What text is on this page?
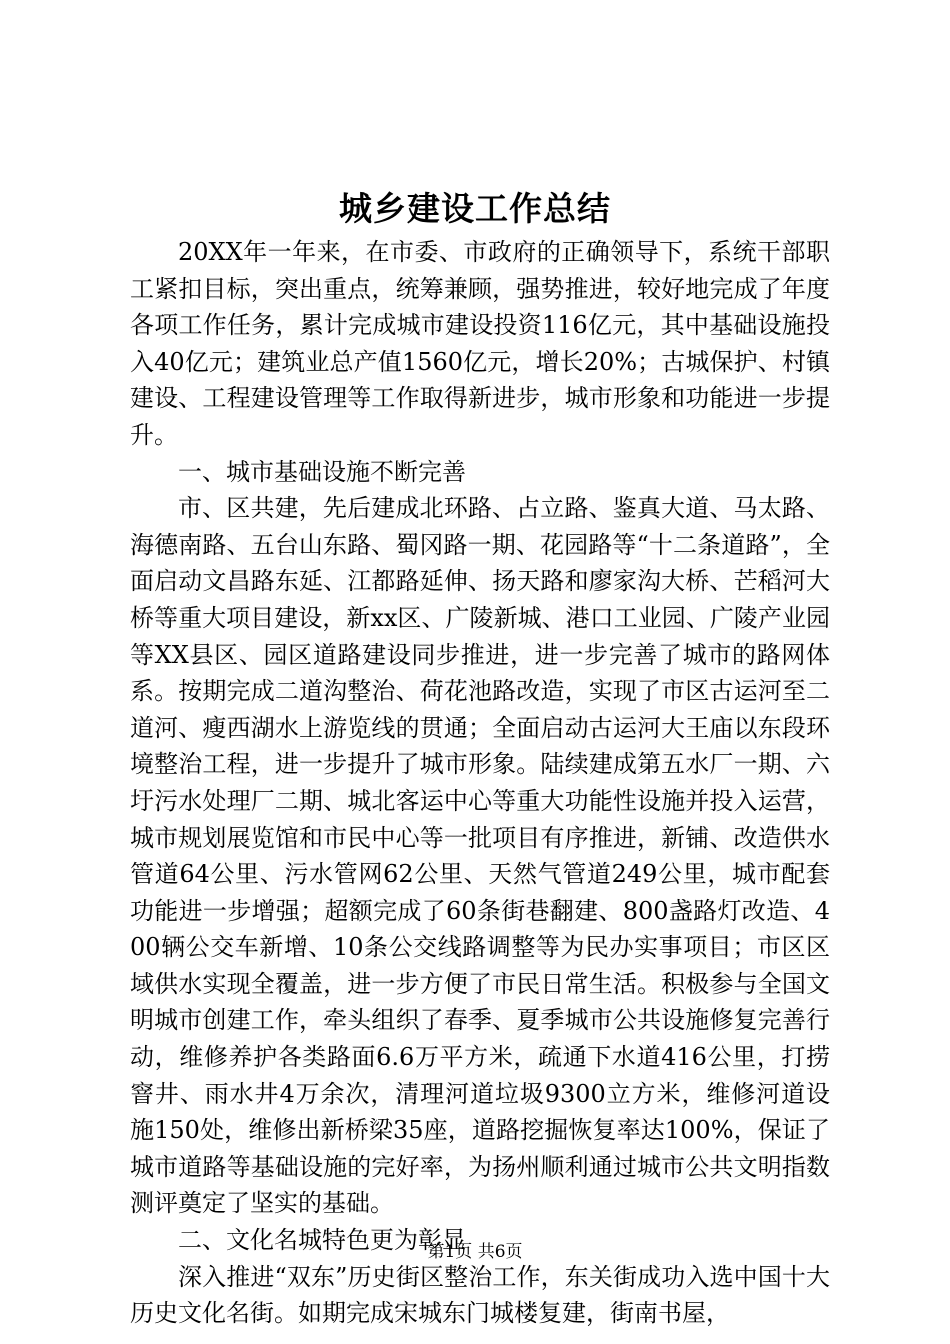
城乡建设工作总结

20XX年一年来，在市委、市政府的正确领导下，系统干部职工紧扣目标，突出重点，统筹兼顾，强势推进，较好地完成了年度各项工作任务，累计完成城市建设投资116亿元，其中基础设施投入40亿元；建筑业总产值1560亿元，增长20%；古城保护、村镇建设、工程建设管理等工作取得新进步，城市形象和功能进一步提升。

一、城市基础设施不断完善

市、区共建，先后建成北环路、占立路、鉴真大道、马太路、海德南路、五台山东路、蜀冈路一期、花园路等“十二条道路”，全面启动文昌路东延、江都路延伸、扬天路和廖家沟大桥、芒稻河大桥等重大项目建设，新xx区、广陵新城、港口工业园、广陵产业园等XX县区、园区道路建设同步推进，进一步完善了城市的路网体系。按期完成二道沟整治、荷花池路改造，实现了市区古运河至二道河、瘦西湖水上游览线的贯通；全面启动古运河大王庙以东段环境整治工程，进一步提升了城市形象。陆续建成第五水厂一期、六圩污水处理厂二期、城北客运中心等重大功能性设施并投入运营，城市规划展览馆和市民中心等一批项目有序推进，新铺、改造供水管道64公里、污水管网62公里、天然气管道249公里，城市配套功能进一步增强；超额完成了60条街巷翻建、800盏路灯改造、400辆公交车新增、10条公交线路调整等为民办实事项目；市区区域供水实现全覆盖，进一步方便了市民日常生活。积极参与全国文明城市创建工作，牵头组织了春季、夏季城市公共设施修复完善行动，维修养护各类路面6.6万平方米，疏通下水道416公里，打捞窨井、雨水井4万余次，清理河道垃圾9300立方米，维修河道设施150处，维修出新桥梁35座，道路挖掘恢复率达100%，保证了城市道路等基础设施的完好率，为扬州顺利通过城市公共文明指数测评奠定了坚实的基础。

二、文化名城特色更为彰显

深入推进“双东”历史街区整治工作，东关街成功入选中国十大历史文化名街。如期完成宋城东门城楼复建，街南书屋，

第1页 共6页
